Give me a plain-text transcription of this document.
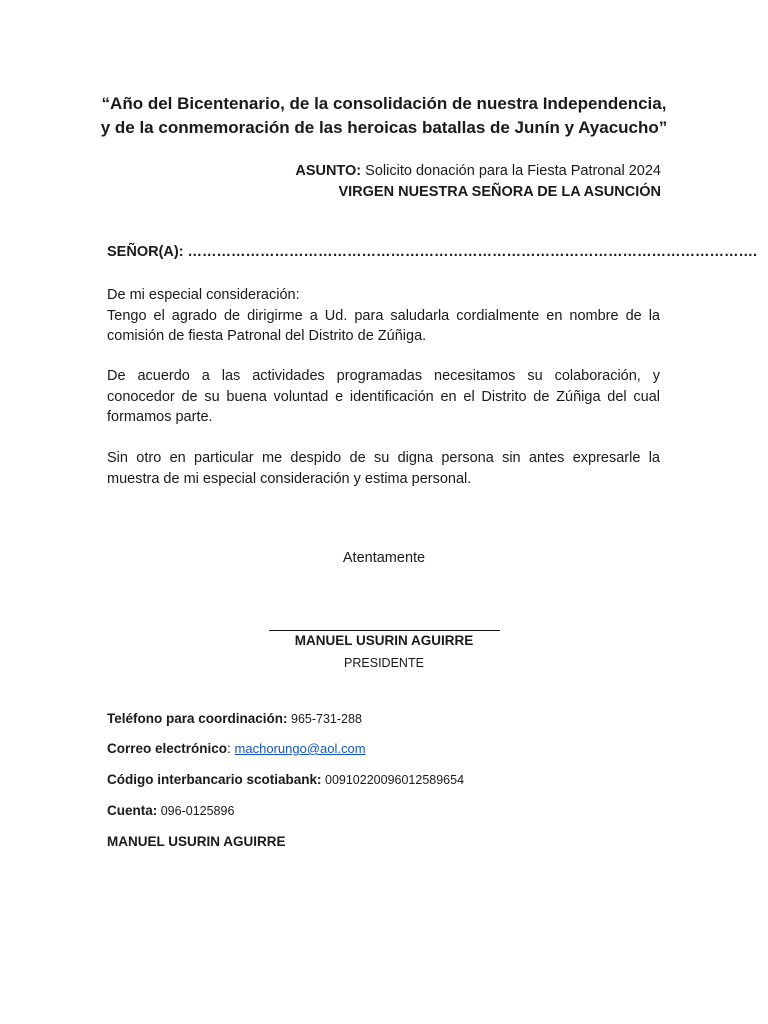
“Año del Bicentenario, de la consolidación de nuestra Independencia,
y de la conmemoración de las heroicas batallas de Junín y Ayacucho”
ASUNTO: Solicito donación para la Fiesta Patronal 2024
VIRGEN NUESTRA SEÑORA DE LA ASUNCIÓN
SEÑOR(A): ……………………………………………………………………………………………………….
De mi especial consideración:
Tengo el agrado de dirigirme a Ud. para saludarla cordialmente en nombre de la comisión de fiesta Patronal del Distrito de Zúñiga.
De acuerdo a las actividades programadas necesitamos su colaboración, y conocedor de su buena voluntad e identificación en el Distrito de Zúñiga del cual formamos parte.
Sin otro en particular me despido de su digna persona sin antes expresarle la muestra de mi especial consideración y estima personal.
Atentamente
MANUEL USURIN AGUIRRE
PRESIDENTE
Teléfono para coordinación: 965-731-288
Correo electrónico: machorungo@aol.com
Código interbancario scotiabank: 00910220096012589654
Cuenta: 096-0125896
MANUEL USURIN AGUIRRE
